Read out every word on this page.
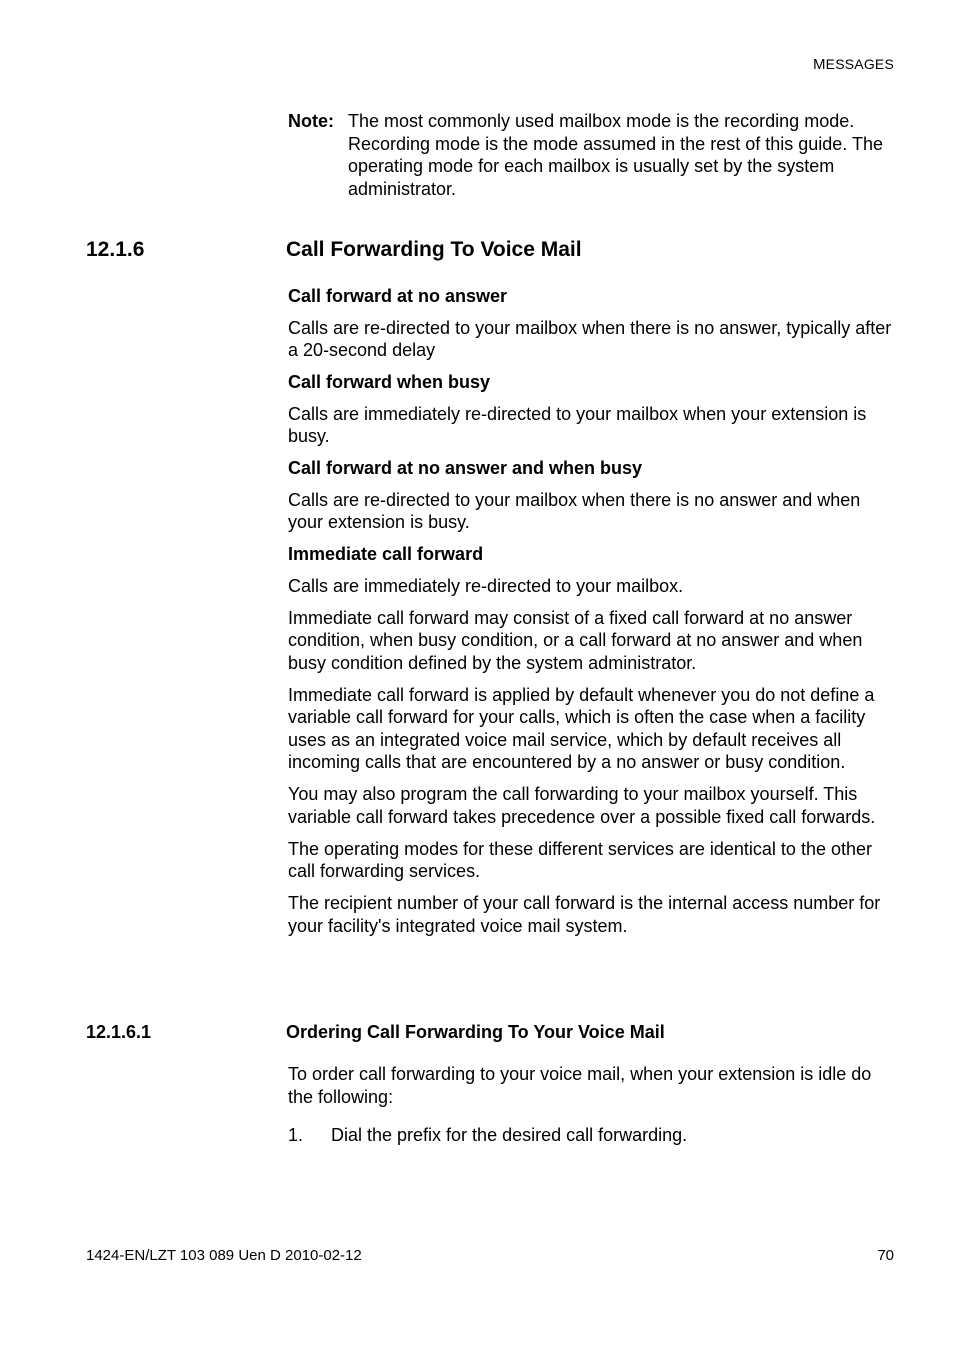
MESSAGES
Note: The most commonly used mailbox mode is the recording mode. Recording mode is the mode assumed in the rest of this guide. The operating mode for each mailbox is usually set by the system administrator.
12.1.6	Call Forwarding To Voice Mail
Call forward at no answer
Calls are re-directed to your mailbox when there is no answer, typically after a 20-second delay
Call forward when busy
Calls are immediately re-directed to your mailbox when your extension is busy.
Call forward at no answer and when busy
Calls are re-directed to your mailbox when there is no answer and when your extension is busy.
Immediate call forward
Calls are immediately re-directed to your mailbox.
Immediate call forward may consist of a fixed call forward at no answer condition, when busy condition, or a call forward at no answer and when busy condition defined by the system administrator.
Immediate call forward is applied by default whenever you do not define a variable call forward for your calls, which is often the case when a facility uses as an integrated voice mail service, which by default receives all incoming calls that are encountered by a no answer or busy condition.
You may also program the call forwarding to your mailbox yourself. This variable call forward takes precedence over a possible fixed call forwards.
The operating modes for these different services are identical to the other call forwarding services.
The recipient number of your call forward is the internal access number for your facility's integrated voice mail system.
12.1.6.1	Ordering Call Forwarding To Your Voice Mail
To order call forwarding to your voice mail, when your extension is idle do the following:
1. Dial the prefix for the desired call forwarding.
1424-EN/LZT 103 089 Uen D 2010-02-12	70
